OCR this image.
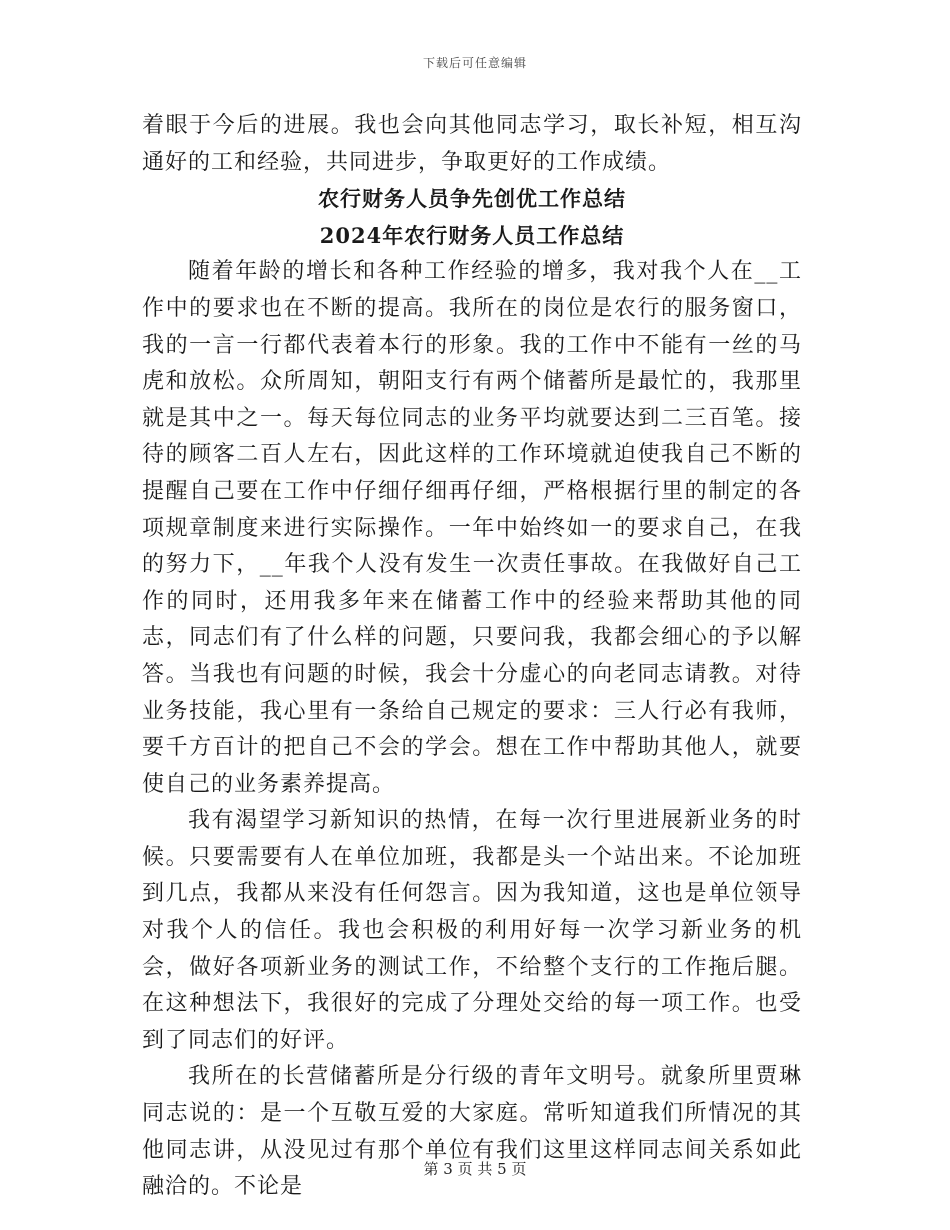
下载后可任意编辑

着眼于今后的进展。我也会向其他同志学习，取长补短，相互沟通好的工和经验，共同进步，争取更好的工作成绩。

农行财务人员争先创优工作总结
2024年农行财务人员工作总结

随着年龄的增长和各种工作经验的增多，我对我个人在__工作中的要求也在不断的提高。我所在的岗位是农行的服务窗口，我的一言一行都代表着本行的形象。我的工作中不能有一丝的马虎和放松。众所周知，朝阳支行有两个储蓄所是最忙的，我那里就是其中之一。每天每位同志的业务平均就要达到二三百笔。接待的顾客二百人左右，因此这样的工作环境就迫使我自己不断的提醒自己要在工作中仔细仔细再仔细，严格根据行里的制定的各项规章制度来进行实际操作。一年中始终如一的要求自己，在我的努力下，__年我个人没有发生一次责任事故。在我做好自己工作的同时，还用我多年来在储蓄工作中的经验来帮助其他的同志，同志们有了什么样的问题，只要问我，我都会细心的予以解答。当我也有问题的时候，我会十分虚心的向老同志请教。对待业务技能，我心里有一条给自己规定的要求：三人行必有我师，要千方百计的把自己不会的学会。想在工作中帮助其他人，就要使自己的业务素养提高。

我有渴望学习新知识的热情，在每一次行里进展新业务的时候。只要需要有人在单位加班，我都是头一个站出来。不论加班到几点，我都从来没有任何怨言。因为我知道，这也是单位领导对我个人的信任。我也会积极的利用好每一次学习新业务的机会，做好各项新业务的测试工作，不给整个支行的工作拖后腿。在这种想法下，我很好的完成了分理处交给的每一项工作。也受到了同志们的好评。

我所在的长营储蓄所是分行级的青年文明号。就象所里贾琳同志说的：是一个互敬互爱的大家庭。常听知道我们所情况的其他同志讲，从没见过有那个单位有我们这里这样同志间关系如此融洽的。不论是

第 3 页 共 5 页
